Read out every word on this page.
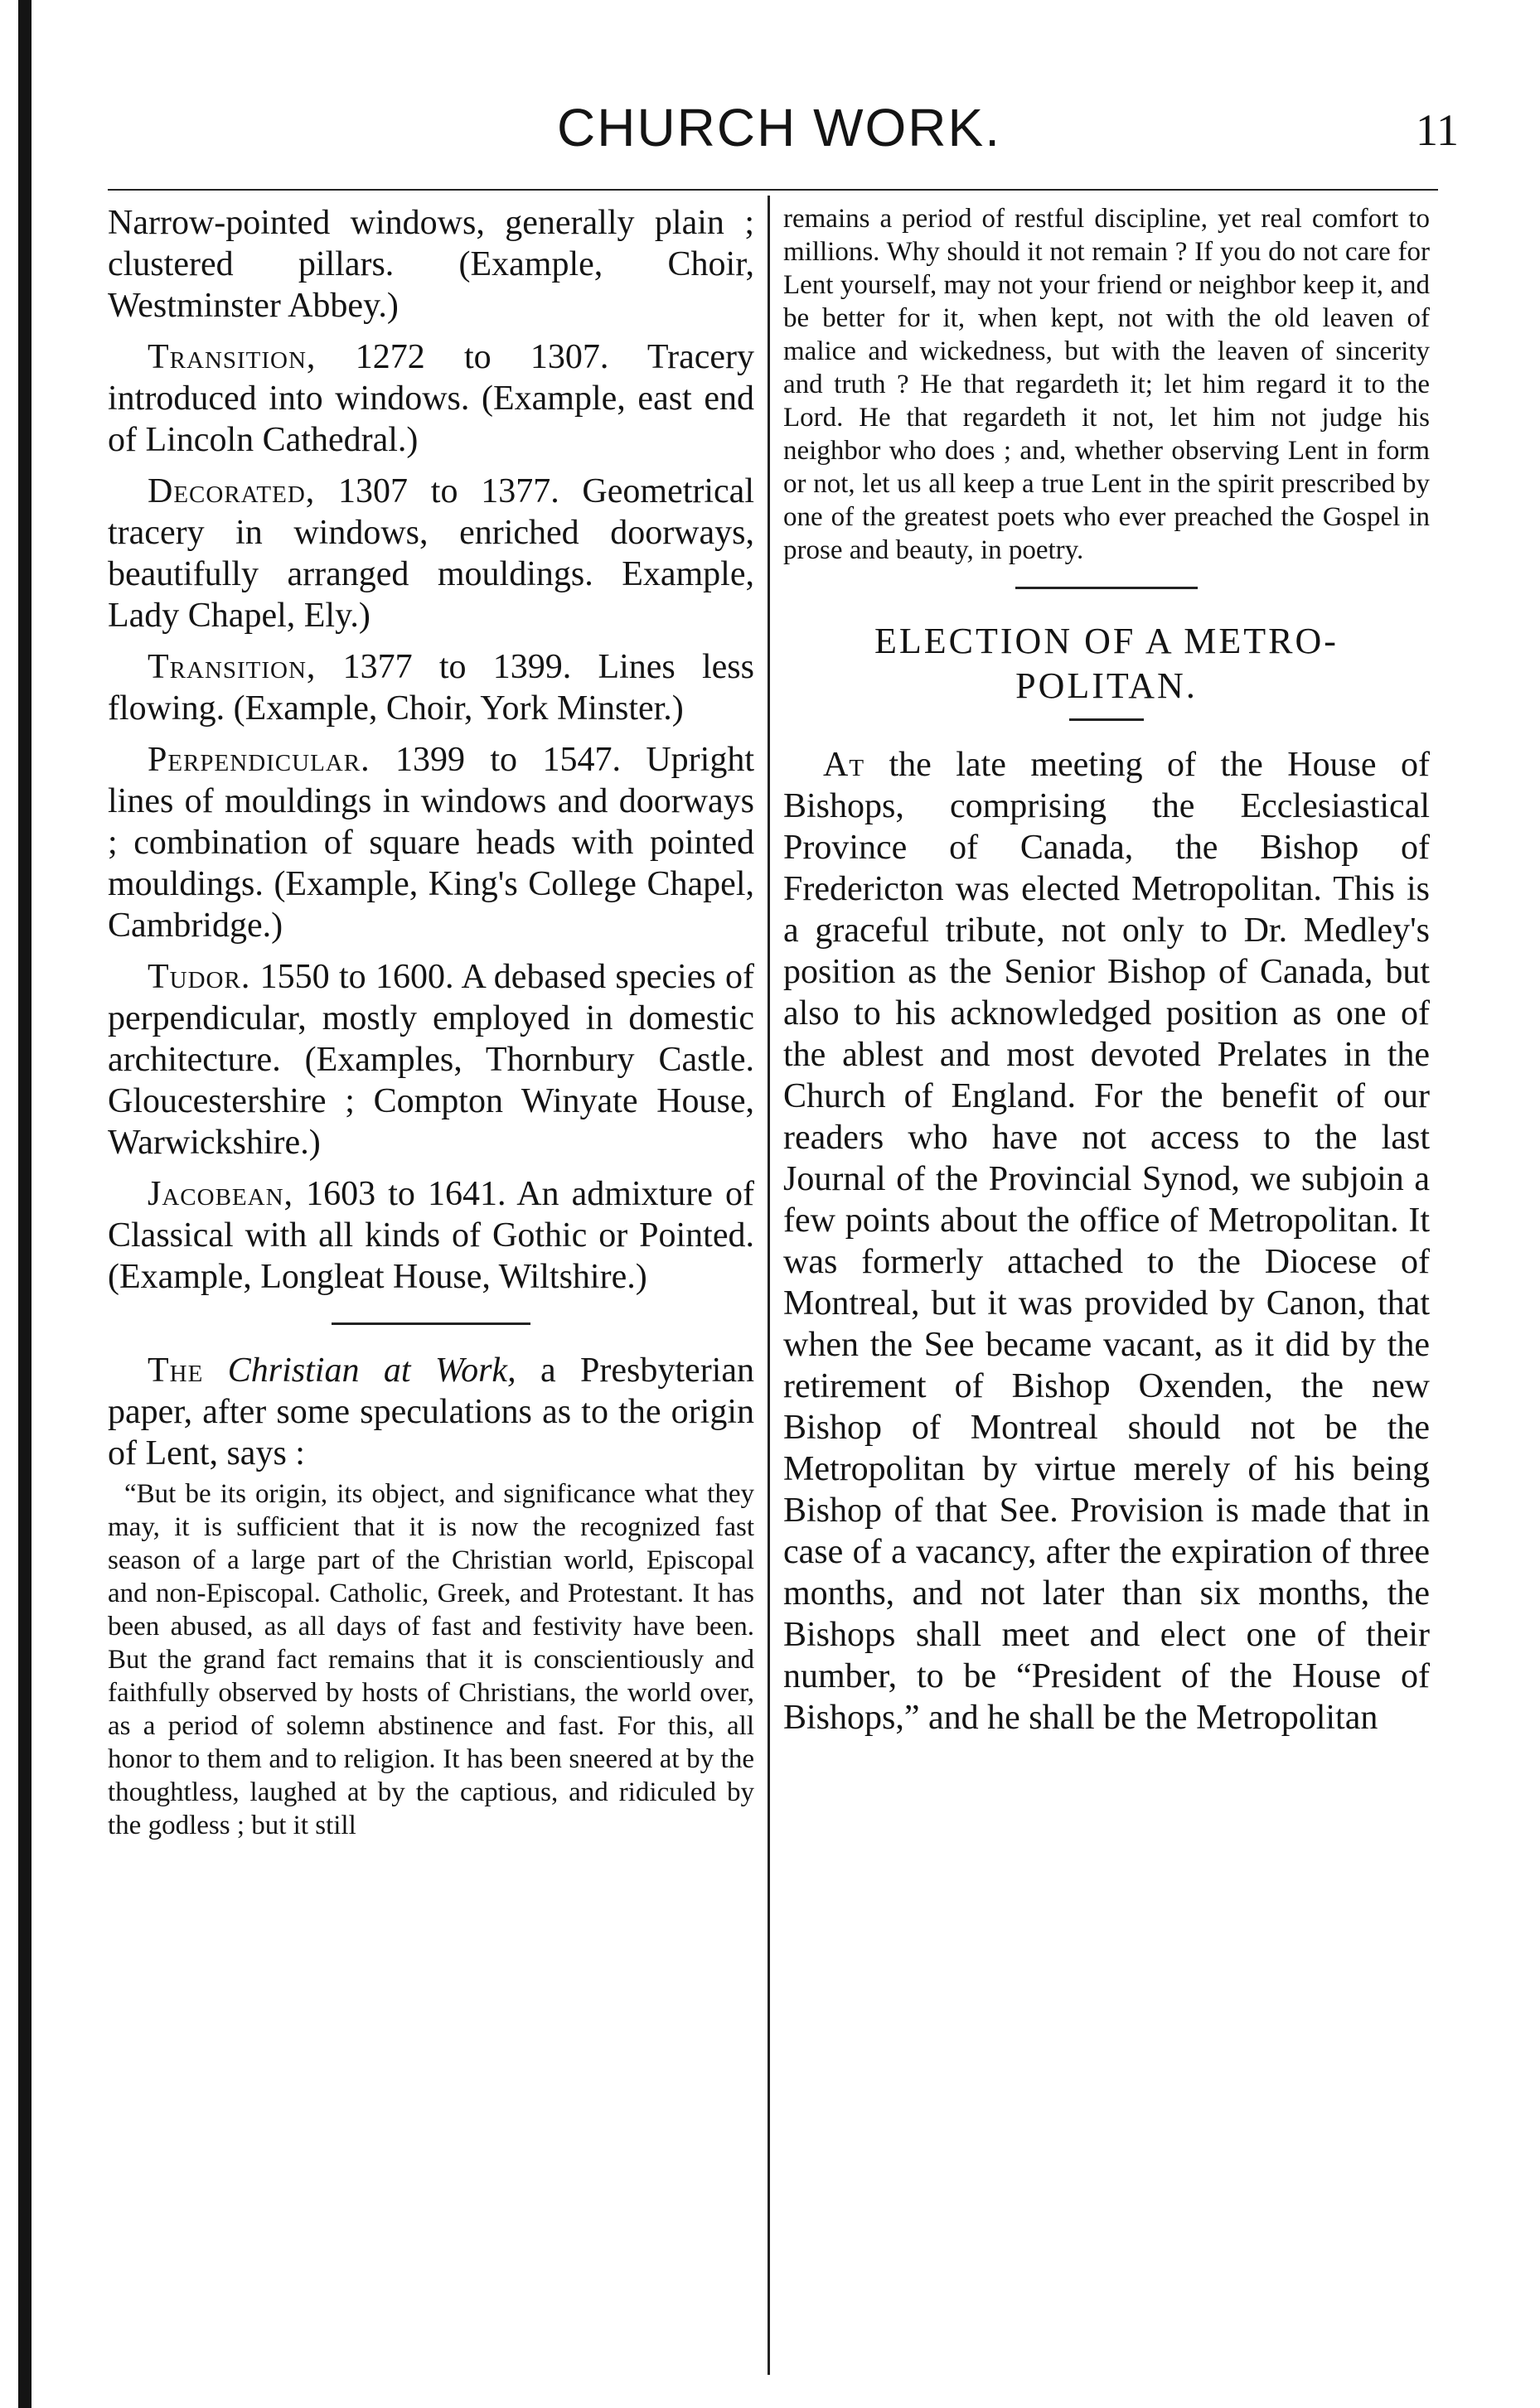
CHURCH WORK.	11

Narrow-pointed windows, generally plain ; clustered pillars. (Example, Choir, Westminster Abbey.)

Transition, 1272 to 1307. Tracery introduced into windows. (Example, east end of Lincoln Cathedral.)

Decorated, 1307 to 1377. Geometrical tracery in windows, enriched doorways, beautifully arranged mouldings. Example, Lady Chapel, Ely.)

Transition, 1377 to 1399. Lines less flowing. (Example, Choir, York Minster.)

Perpendicular. 1399 to 1547. Upright lines of mouldings in windows and doorways ; combination of square heads with pointed mouldings. (Example, King's College Chapel, Cambridge.)

Tudor. 1550 to 1600. A debased species of perpendicular, mostly employed in domestic architecture. (Examples, Thornbury Castle. Gloucestershire ; Compton Winyate House, Warwickshire.)

Jacobean, 1603 to 1641. An admixture of Classical with all kinds of Gothic or Pointed. (Example, Longleat House, Wiltshire.)

The Christian at Work, a Presbyterian paper, after some speculations as to the origin of Lent, says :

“But be its origin, its object, and significance what they may, it is sufficient that it is now the recognized fast season of a large part of the Christian world, Episcopal and non-Episcopal. Catholic, Greek, and Protestant. It has been abused, as all days of fast and festivity have been. But the grand fact remains that it is conscientiously and faithfully observed by hosts of Christians, the world over, as a period of solemn abstinence and fast. For this, all honor to them and to religion. It has been sneered at by the thoughtless, laughed at by the captious, and ridiculed by the godless ; but it still

remains a period of restful discipline, yet real comfort to millions. Why should it not remain ? If you do not care for Lent yourself, may not your friend or neighbor keep it, and be better for it, when kept, not with the old leaven of malice and wickedness, but with the leaven of sincerity and truth ? He that regardeth it; let him regard it to the Lord. He that regardeth it not, let him not judge his neighbor who does ; and, whether observing Lent in form or not, let us all keep a true Lent in the spirit prescribed by one of the greatest poets who ever preached the Gospel in prose and beauty, in poetry.

ELECTION OF A METRO-
POLITAN.

At the late meeting of the House of Bishops, comprising the Ecclesiastical Province of Canada, the Bishop of Fredericton was elected Metropolitan. This is a graceful tribute, not only to Dr. Medley's position as the Senior Bishop of Canada, but also to his acknowledged position as one of the ablest and most devoted Prelates in the Church of England. For the benefit of our readers who have not access to the last Journal of the Provincial Synod, we subjoin a few points about the office of Metropolitan. It was formerly attached to the Diocese of Montreal, but it was provided by Canon, that when the See became vacant, as it did by the retirement of Bishop Oxenden, the new Bishop of Montreal should not be the Metropolitan by virtue merely of his being Bishop of that See. Provision is made that in case of a vacancy, after the expiration of three months, and not later than six months, the Bishops shall meet and elect one of their number, to be “President of the House of Bishops,” and he shall be the Metropolitan
